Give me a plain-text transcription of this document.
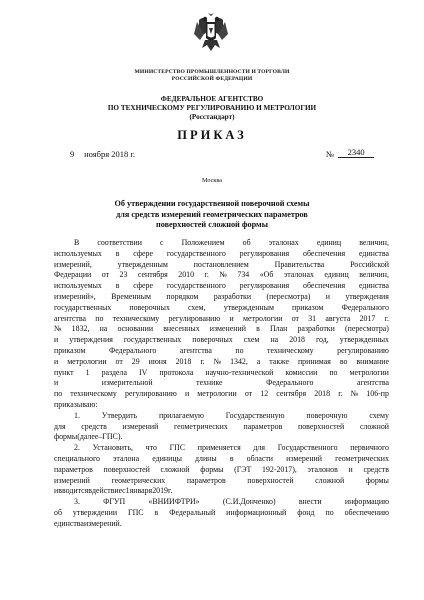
МИНИСТЕРСТВО ПРОМЫШЛЕННОСТИ И ТОРГОВЛИ
РОССИЙСКОЙ ФЕДЕРАЦИИ
ФЕДЕРАЛЬНОЕ АГЕНТСТВО
ПО ТЕХНИЧЕСКОМУ РЕГУЛИРОВАНИЮ И МЕТРОЛОГИИ
(Росстандарт)
ПРИКАЗ
9 ноября 2018 г.	№ 2340
Москва
Об утверждении государственной поверочной схемы
для средств измерений геометрических параметров
поверхностей сложной формы
В соответствии с Положением об эталонах единиц величин,
используемых в сфере государственного регулирования обеспечения единства
измерений,	утвержденным	постановлением	Правительства	Российской
Федерации от 23 сентября 2010 г. № 734 «Об эталонах единиц величин,
используемых в сфере государственного регулирования обеспечения единства
измерений», Временным порядком разработки (пересмотра) и утверждения
государственных поверочных схем, утвержденным приказом Федерального
агентства по техническому регулированию и метрологии от 31 августа 2017 г.
№ 1832, на основании внесенных изменений в План разработки (пересмотра)
и утверждения государственных поверочных схем на 2018 год, утвержденных
приказом	Федерального	агентства	по	техническому	регулированию
и метрологии от 29 июня 2018 г. № 1342, а также принимая во внимание
пункт 1 раздела IV протокола научно-технической комиссии по метрологии
и	измерительной	технике	Федерального	агентства
по техническому регулированию и метрологии от 12 сентября 2018 г. № 106-пр
п р и к а з ы в а ю:
1.	Утвердить	прилагаемую	Государственную	поверочную	схему
для средств измерений геометрических параметров поверхностей сложной
формы (далее – ГПС).
2. Установить, что ГПС применяется для Государственного первичного
специального эталона единицы длины в области измерений геометрических
параметров поверхностей сложной формы (ГЭТ 192-2017), эталонов и средств
измерений	геометрических	параметров	поверхностей	сложной	формы
и вводится в действие с 1 января 2019 г.
3.	ФГУП	«ВНИИФТРИ»	(С.И.Донченко)	внести	информацию
об утверждении ГПС в Федеральный информационный фонд по обеспечению
единства измерений.
